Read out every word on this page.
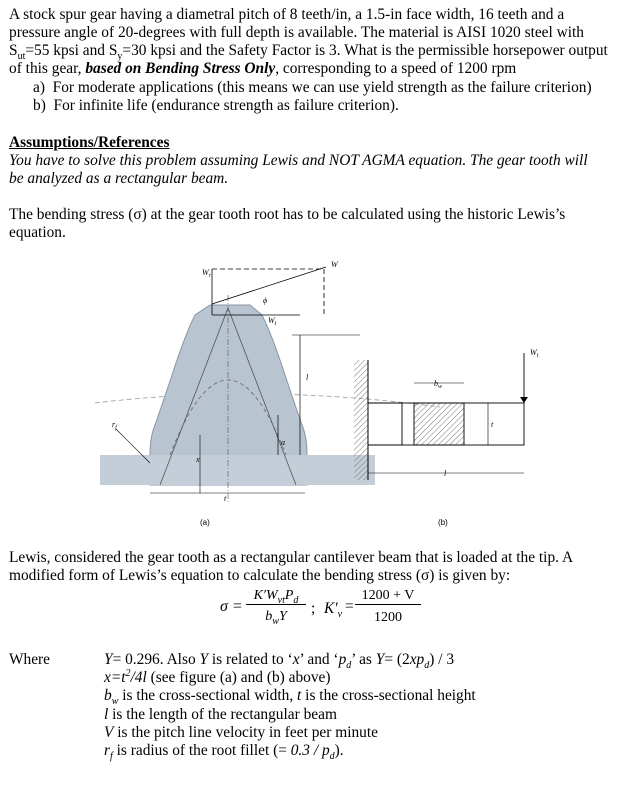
A stock spur gear having a diametral pitch of 8 teeth/in, a 1.5-in face width, 16 teeth and a
pressure angle of 20-degrees with full depth is available. The material is AISI 1020 steel with
$S_{ut}=55$ kpsi and $S_y=30$ kpsi and the Safety Factor is 3. What is the permissible horsepower output
of this gear, based on Bending Stress Only, corresponding to a speed of 1200 rpm
a) For moderate applications (this means we can use yield strength as the failure criterion)
b) For infinite life (endurance strength as failure criterion).
Assumptions/References
You have to solve this problem assuming Lewis and NOT AGMA equation. The gear tooth will
be analyzed as a rectangular beam.
The bending stress (σ) at the gear tooth root has to be calculated using the historic Lewis’s
equation.
$W_r$
W
ϕ
$W_t$
l
a
x
t
$r_f$
(a)
$W_t$
$b_w$
t
l
(b)
Lewis, considered the gear tooth as a rectangular cantilever beam that is loaded at the tip. A
modified form of Lewis’s equation to calculate the bending stress (σ) is given by:
σ =
$K'W_{vt}P_d$
$b_wY$	; $K'_v$ =
1200 + V
1200
Where	Y= 0.296. Also Y is related to ‘x’ and ‘$p_d$’ as $Y= (2xp_d) / 3$
$x=t^2/4l$ (see figure (a) and (b) above)
$b_w$ is the cross-sectional width, t is the cross-sectional height
l is the length of the rectangular beam
V is the pitch line velocity in feet per minute
$r_f$ is radius of the root fillet (= $0.3 / p_d$).
